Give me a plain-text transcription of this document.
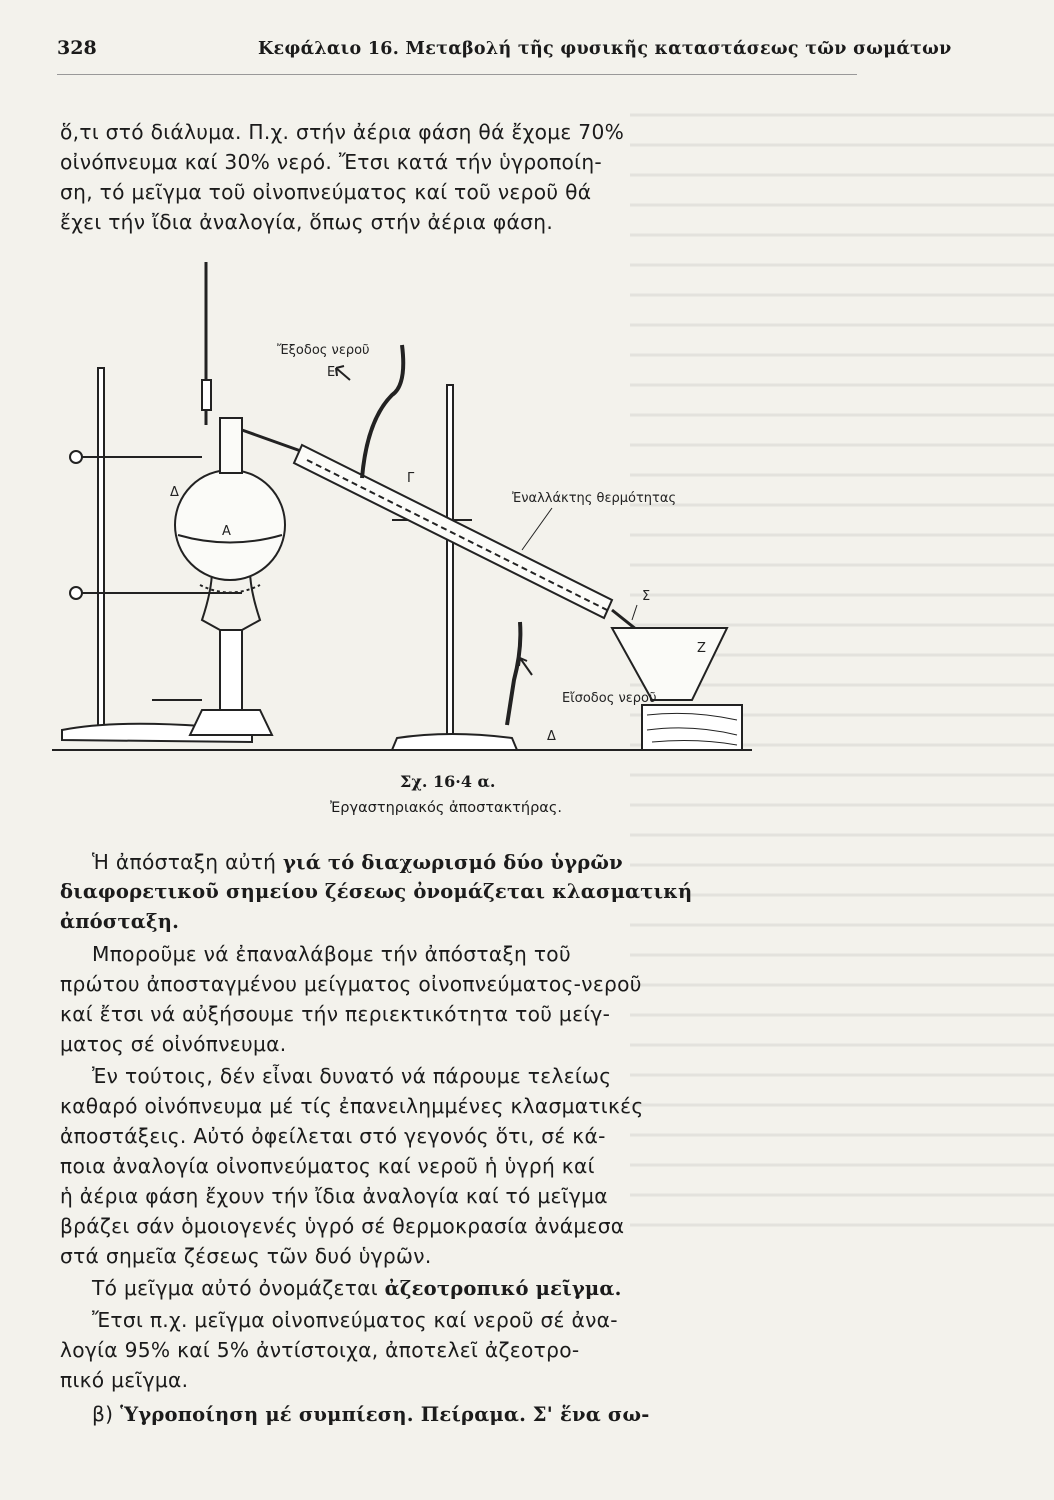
328	Κεφάλαιο 16. Μεταβολή τῆς φυσικῆς καταστάσεως τῶν σωμάτων
ὅ,τι στό διάλυμα. Π.χ. στήν ἀέρια φάση θά ἔχομε 70%
οἰνόπνευμα καί 30% νερό. Ἔτσι κατά τήν ὑγροποίη-
ση, τό μεῖγμα τοῦ οἰνοπνεύματος καί τοῦ νεροῦ θά
ἔχει τήν ἴδια ἀναλογία, ὅπως στήν ἀέρια φάση.
Ἔξοδος νεροῦ
Ε
Δ
Α
Γ
Ἐναλλάκτης θερμότητας
Σ
Ζ
Εἴσοδος νεροῦ
Δ
Σχ. 16·4 α.
Ἐργαστηριακός ἀποστακτήρας.
Ἡ ἀπόσταξη αὐτή γιά τό διαχωρισμό δύο ὑγρῶν
διαφορετικοῦ σημείου ζέσεως ὀνομάζεται κλασματική
ἀπόσταξη.
Μποροῦμε νά ἐπαναλάβομε τήν ἀπόσταξη τοῦ
πρώτου ἀποσταγμένου μείγματος οἰνοπνεύματος-νεροῦ
καί ἔτσι νά αὐξήσουμε τήν περιεκτικότητα τοῦ μείγ-
ματος σέ οἰνόπνευμα.
Ἐν τούτοις, δέν εἶναι δυνατό νά πάρουμε τελείως
καθαρό οἰνόπνευμα μέ τίς ἐπανειλημμένες κλασματικές
ἀποστάξεις. Αὐτό ὀφείλεται στό γεγονός ὅτι, σέ κά-
ποια ἀναλογία οἰνοπνεύματος καί νεροῦ ἡ ὑγρή καί
ἡ ἀέρια φάση ἔχουν τήν ἴδια ἀναλογία καί τό μεῖγμα
βράζει σάν ὁμοιογενές ὑγρό σέ θερμοκρασία ἀνάμεσα
στά σημεῖα ζέσεως τῶν δυό ὑγρῶν.
Τό μεῖγμα αὐτό ὀνομάζεται ἀζεοτροπικό μεῖγμα.
Ἔτσι π.χ. μεῖγμα οἰνοπνεύματος καί νεροῦ σέ ἀνα-
λογία 95% καί 5% ἀντίστοιχα, ἀποτελεῖ ἀζεοτρο-
πικό μεῖγμα.
β) Ὑγροποίηση μέ συμπίεση. Πείραμα. Σ' ἕνα σω-
